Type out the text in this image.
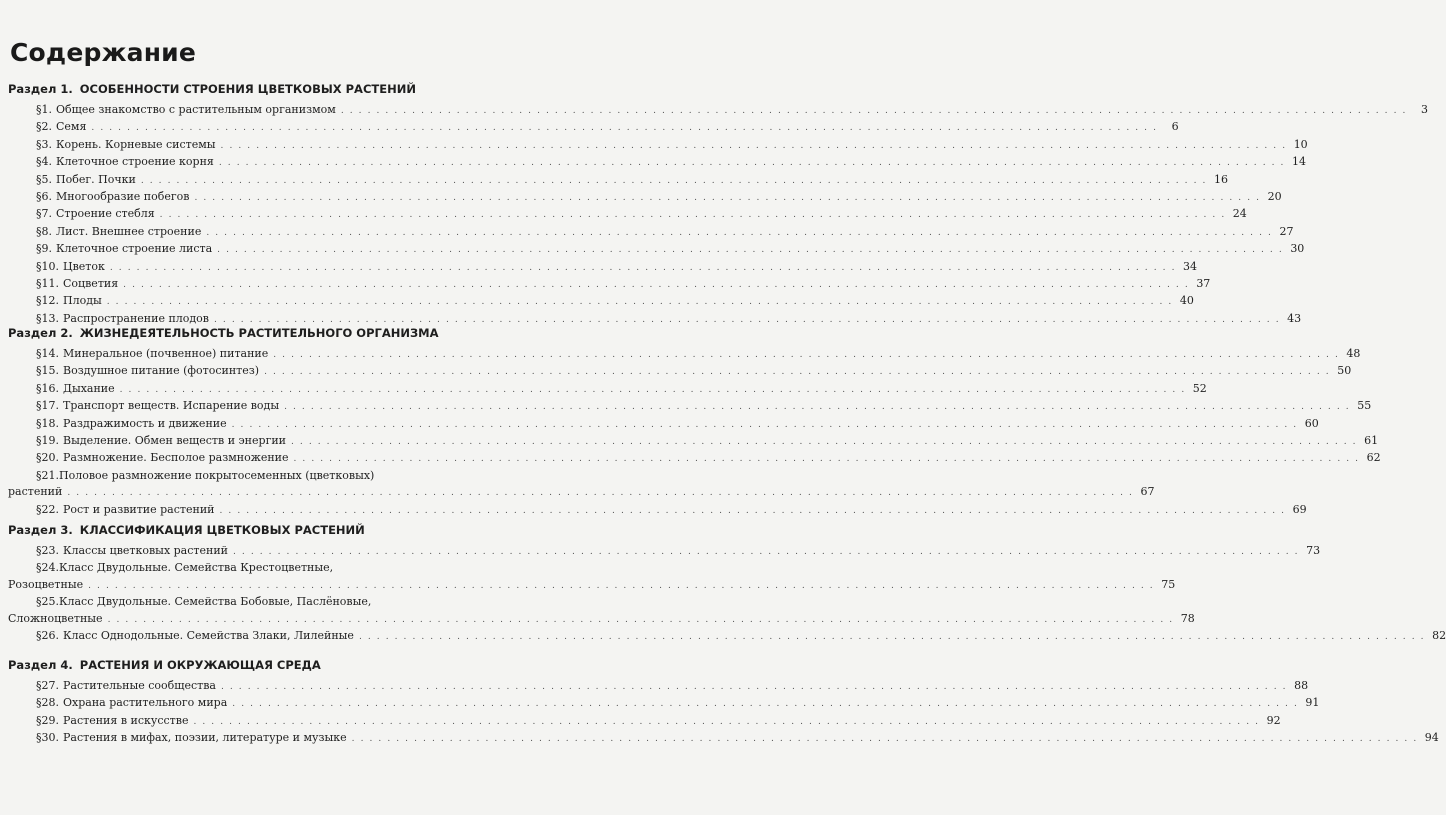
Содержание
Раздел 1. ОСОБЕННОСТИ СТРОЕНИЯ ЦВЕТКОВЫХ РАСТЕНИЙ
§1. Общее знакомство с растительным организмом . . . . . . . . . . . . . . . . . . . . . . . . . . . . . . . . . . . . . . . . . . . . . . . . . . . . . . . . . . . . . . . . . . . . . . . . . . . . . . . . . . . . . . . . . . . . . . . . . . . . . . . . . . . . . . . . . . . . . . . .	3
§2. Семя . . . . . . . . . . . . . . . . . . . . . . . . . . . . . . . . . . . . . . . . . . . . . . . . . . . . . . . . . . . . . . . . . . . . . . . . . . . . . . . . . . . . . . . . . . . . . . . . . . . . . . . . . . . . . . . . . . . . . . . .	6
§3. Корень. Корневые системы . . . . . . . . . . . . . . . . . . . . . . . . . . . . . . . . . . . . . . . . . . . . . . . . . . . . . . . . . . . . . . . . . . . . . . . . . . . . . . . . . . . . . . . . . . . . . . . . . . . . . . . . . . . . . . . . . . . . . . . . 10
§4. Клеточное строение корня . . . . . . . . . . . . . . . . . . . . . . . . . . . . . . . . . . . . . . . . . . . . . . . . . . . . . . . . . . . . . . . . . . . . . . . . . . . . . . . . . . . . . . . . . . . . . . . . . . . . . . . . . . . . . . . . . . . . . . . . 14
§5. Побег. Почки . . . . . . . . . . . . . . . . . . . . . . . . . . . . . . . . . . . . . . . . . . . . . . . . . . . . . . . . . . . . . . . . . . . . . . . . . . . . . . . . . . . . . . . . . . . . . . . . . . . . . . . . . . . . . . . . . . . . . . . . 16
§6. Многообразие побегов . . . . . . . . . . . . . . . . . . . . . . . . . . . . . . . . . . . . . . . . . . . . . . . . . . . . . . . . . . . . . . . . . . . . . . . . . . . . . . . . . . . . . . . . . . . . . . . . . . . . . . . . . . . . . . . . . . . . . . . . 20
§7. Строение стебля . . . . . . . . . . . . . . . . . . . . . . . . . . . . . . . . . . . . . . . . . . . . . . . . . . . . . . . . . . . . . . . . . . . . . . . . . . . . . . . . . . . . . . . . . . . . . . . . . . . . . . . . . . . . . . . . . . . . . . . . 24
§8. Лист. Внешнее строение . . . . . . . . . . . . . . . . . . . . . . . . . . . . . . . . . . . . . . . . . . . . . . . . . . . . . . . . . . . . . . . . . . . . . . . . . . . . . . . . . . . . . . . . . . . . . . . . . . . . . . . . . . . . . . . . . . . . . . . . 27
§9. Клеточное строение листа . . . . . . . . . . . . . . . . . . . . . . . . . . . . . . . . . . . . . . . . . . . . . . . . . . . . . . . . . . . . . . . . . . . . . . . . . . . . . . . . . . . . . . . . . . . . . . . . . . . . . . . . . . . . . . . . . . . . . . . . 30
§10. Цветок . . . . . . . . . . . . . . . . . . . . . . . . . . . . . . . . . . . . . . . . . . . . . . . . . . . . . . . . . . . . . . . . . . . . . . . . . . . . . . . . . . . . . . . . . . . . . . . . . . . . . . . . . . . . . . . . . . . . . . . . 34
§11. Соцветия . . . . . . . . . . . . . . . . . . . . . . . . . . . . . . . . . . . . . . . . . . . . . . . . . . . . . . . . . . . . . . . . . . . . . . . . . . . . . . . . . . . . . . . . . . . . . . . . . . . . . . . . . . . . . . . . . . . . . . . . 37
§12. Плоды . . . . . . . . . . . . . . . . . . . . . . . . . . . . . . . . . . . . . . . . . . . . . . . . . . . . . . . . . . . . . . . . . . . . . . . . . . . . . . . . . . . . . . . . . . . . . . . . . . . . . . . . . . . . . . . . . . . . . . . . 40
§13. Распространение плодов . . . . . . . . . . . . . . . . . . . . . . . . . . . . . . . . . . . . . . . . . . . . . . . . . . . . . . . . . . . . . . . . . . . . . . . . . . . . . . . . . . . . . . . . . . . . . . . . . . . . . . . . . . . . . . . . . . . . . . . . 43
Раздел 2. ЖИЗНЕДЕЯТЕЛЬНОСТЬ РАСТИТЕЛЬНОГО ОРГАНИЗМА
§14. Минеральное (почвенное) питание . . . . . . . . . . . . . . . . . . . . . . . . . . . . . . . . . . . . . . . . . . . . . . . . . . . . . . . . . . . . . . . . . . . . . . . . . . . . . . . . . . . . . . . . . . . . . . . . . . . . . . . . . . . . . . . . . . . . . . . . 48
§15. Воздушное питание (фотосинтез) . . . . . . . . . . . . . . . . . . . . . . . . . . . . . . . . . . . . . . . . . . . . . . . . . . . . . . . . . . . . . . . . . . . . . . . . . . . . . . . . . . . . . . . . . . . . . . . . . . . . . . . . . . . . . . . . . . . . . . . . 50
§16. Дыхание . . . . . . . . . . . . . . . . . . . . . . . . . . . . . . . . . . . . . . . . . . . . . . . . . . . . . . . . . . . . . . . . . . . . . . . . . . . . . . . . . . . . . . . . . . . . . . . . . . . . . . . . . . . . . . . . . . . . . . . . 52
§17. Транспорт веществ. Испарение воды . . . . . . . . . . . . . . . . . . . . . . . . . . . . . . . . . . . . . . . . . . . . . . . . . . . . . . . . . . . . . . . . . . . . . . . . . . . . . . . . . . . . . . . . . . . . . . . . . . . . . . . . . . . . . . . . . . . . . . . . 55
§18. Раздражимость и движение . . . . . . . . . . . . . . . . . . . . . . . . . . . . . . . . . . . . . . . . . . . . . . . . . . . . . . . . . . . . . . . . . . . . . . . . . . . . . . . . . . . . . . . . . . . . . . . . . . . . . . . . . . . . . . . . . . . . . . . . 60
§19. Выделение. Обмен веществ и энергии . . . . . . . . . . . . . . . . . . . . . . . . . . . . . . . . . . . . . . . . . . . . . . . . . . . . . . . . . . . . . . . . . . . . . . . . . . . . . . . . . . . . . . . . . . . . . . . . . . . . . . . . . . . . . . . . . . . . . . . . 61
§20. Размножение. Бесполое размножение . . . . . . . . . . . . . . . . . . . . . . . . . . . . . . . . . . . . . . . . . . . . . . . . . . . . . . . . . . . . . . . . . . . . . . . . . . . . . . . . . . . . . . . . . . . . . . . . . . . . . . . . . . . . . . . . . . . . . . . . 62
§21.Половое размножение покрытосеменных (цветковых)
растений . . . . . . . . . . . . . . . . . . . . . . . . . . . . . . . . . . . . . . . . . . . . . . . . . . . . . . . . . . . . . . . . . . . . . . . . . . . . . . . . . . . . . . . . . . . . . . . . . . . . . . . . . . . . . . . . . . . . . . . . 67
§22. Рост и развитие растений . . . . . . . . . . . . . . . . . . . . . . . . . . . . . . . . . . . . . . . . . . . . . . . . . . . . . . . . . . . . . . . . . . . . . . . . . . . . . . . . . . . . . . . . . . . . . . . . . . . . . . . . . . . . . . . . . . . . . . . . 69
Раздел 3. КЛАССИФИКАЦИЯ ЦВЕТКОВЫХ РАСТЕНИЙ
§23. Классы цветковых растений . . . . . . . . . . . . . . . . . . . . . . . . . . . . . . . . . . . . . . . . . . . . . . . . . . . . . . . . . . . . . . . . . . . . . . . . . . . . . . . . . . . . . . . . . . . . . . . . . . . . . . . . . . . . . . . . . . . . . . . . 73
§24.Класс Двудольные. Семейства Крестоцветные,
Розоцветные . . . . . . . . . . . . . . . . . . . . . . . . . . . . . . . . . . . . . . . . . . . . . . . . . . . . . . . . . . . . . . . . . . . . . . . . . . . . . . . . . . . . . . . . . . . . . . . . . . . . . . . . . . . . . . . . . . . . . . . . 75
§25.Класс Двудольные. Семейства Бобовые, Паслёновые,
Сложноцветные . . . . . . . . . . . . . . . . . . . . . . . . . . . . . . . . . . . . . . . . . . . . . . . . . . . . . . . . . . . . . . . . . . . . . . . . . . . . . . . . . . . . . . . . . . . . . . . . . . . . . . . . . . . . . . . . . . . . . . . . 78
§26. Класс Однодольные. Семейства Злаки, Лилейные . . . . . . . . . . . . . . . . . . . . . . . . . . . . . . . . . . . . . . . . . . . . . . . . . . . . . . . . . . . . . . . . . . . . . . . . . . . . . . . . . . . . . . . . . . . . . . . . . . . . . . . . . . . . . . . . . . . . . . . . 82
Раздел 4. РАСТЕНИЯ И ОКРУЖАЮЩАЯ СРЕДА
§27. Растительные сообщества . . . . . . . . . . . . . . . . . . . . . . . . . . . . . . . . . . . . . . . . . . . . . . . . . . . . . . . . . . . . . . . . . . . . . . . . . . . . . . . . . . . . . . . . . . . . . . . . . . . . . . . . . . . . . . . . . . . . . . . . 88
§28. Охрана растительного мира . . . . . . . . . . . . . . . . . . . . . . . . . . . . . . . . . . . . . . . . . . . . . . . . . . . . . . . . . . . . . . . . . . . . . . . . . . . . . . . . . . . . . . . . . . . . . . . . . . . . . . . . . . . . . . . . . . . . . . . . 91
§29. Растения в искусстве . . . . . . . . . . . . . . . . . . . . . . . . . . . . . . . . . . . . . . . . . . . . . . . . . . . . . . . . . . . . . . . . . . . . . . . . . . . . . . . . . . . . . . . . . . . . . . . . . . . . . . . . . . . . . . . . . . . . . . . . 92
§30. Растения в мифах, поэзии, литературе и музыке . . . . . . . . . . . . . . . . . . . . . . . . . . . . . . . . . . . . . . . . . . . . . . . . . . . . . . . . . . . . . . . . . . . . . . . . . . . . . . . . . . . . . . . . . . . . . . . . . . . . . . . . . . . . . . . . . . . . . . . . 94
